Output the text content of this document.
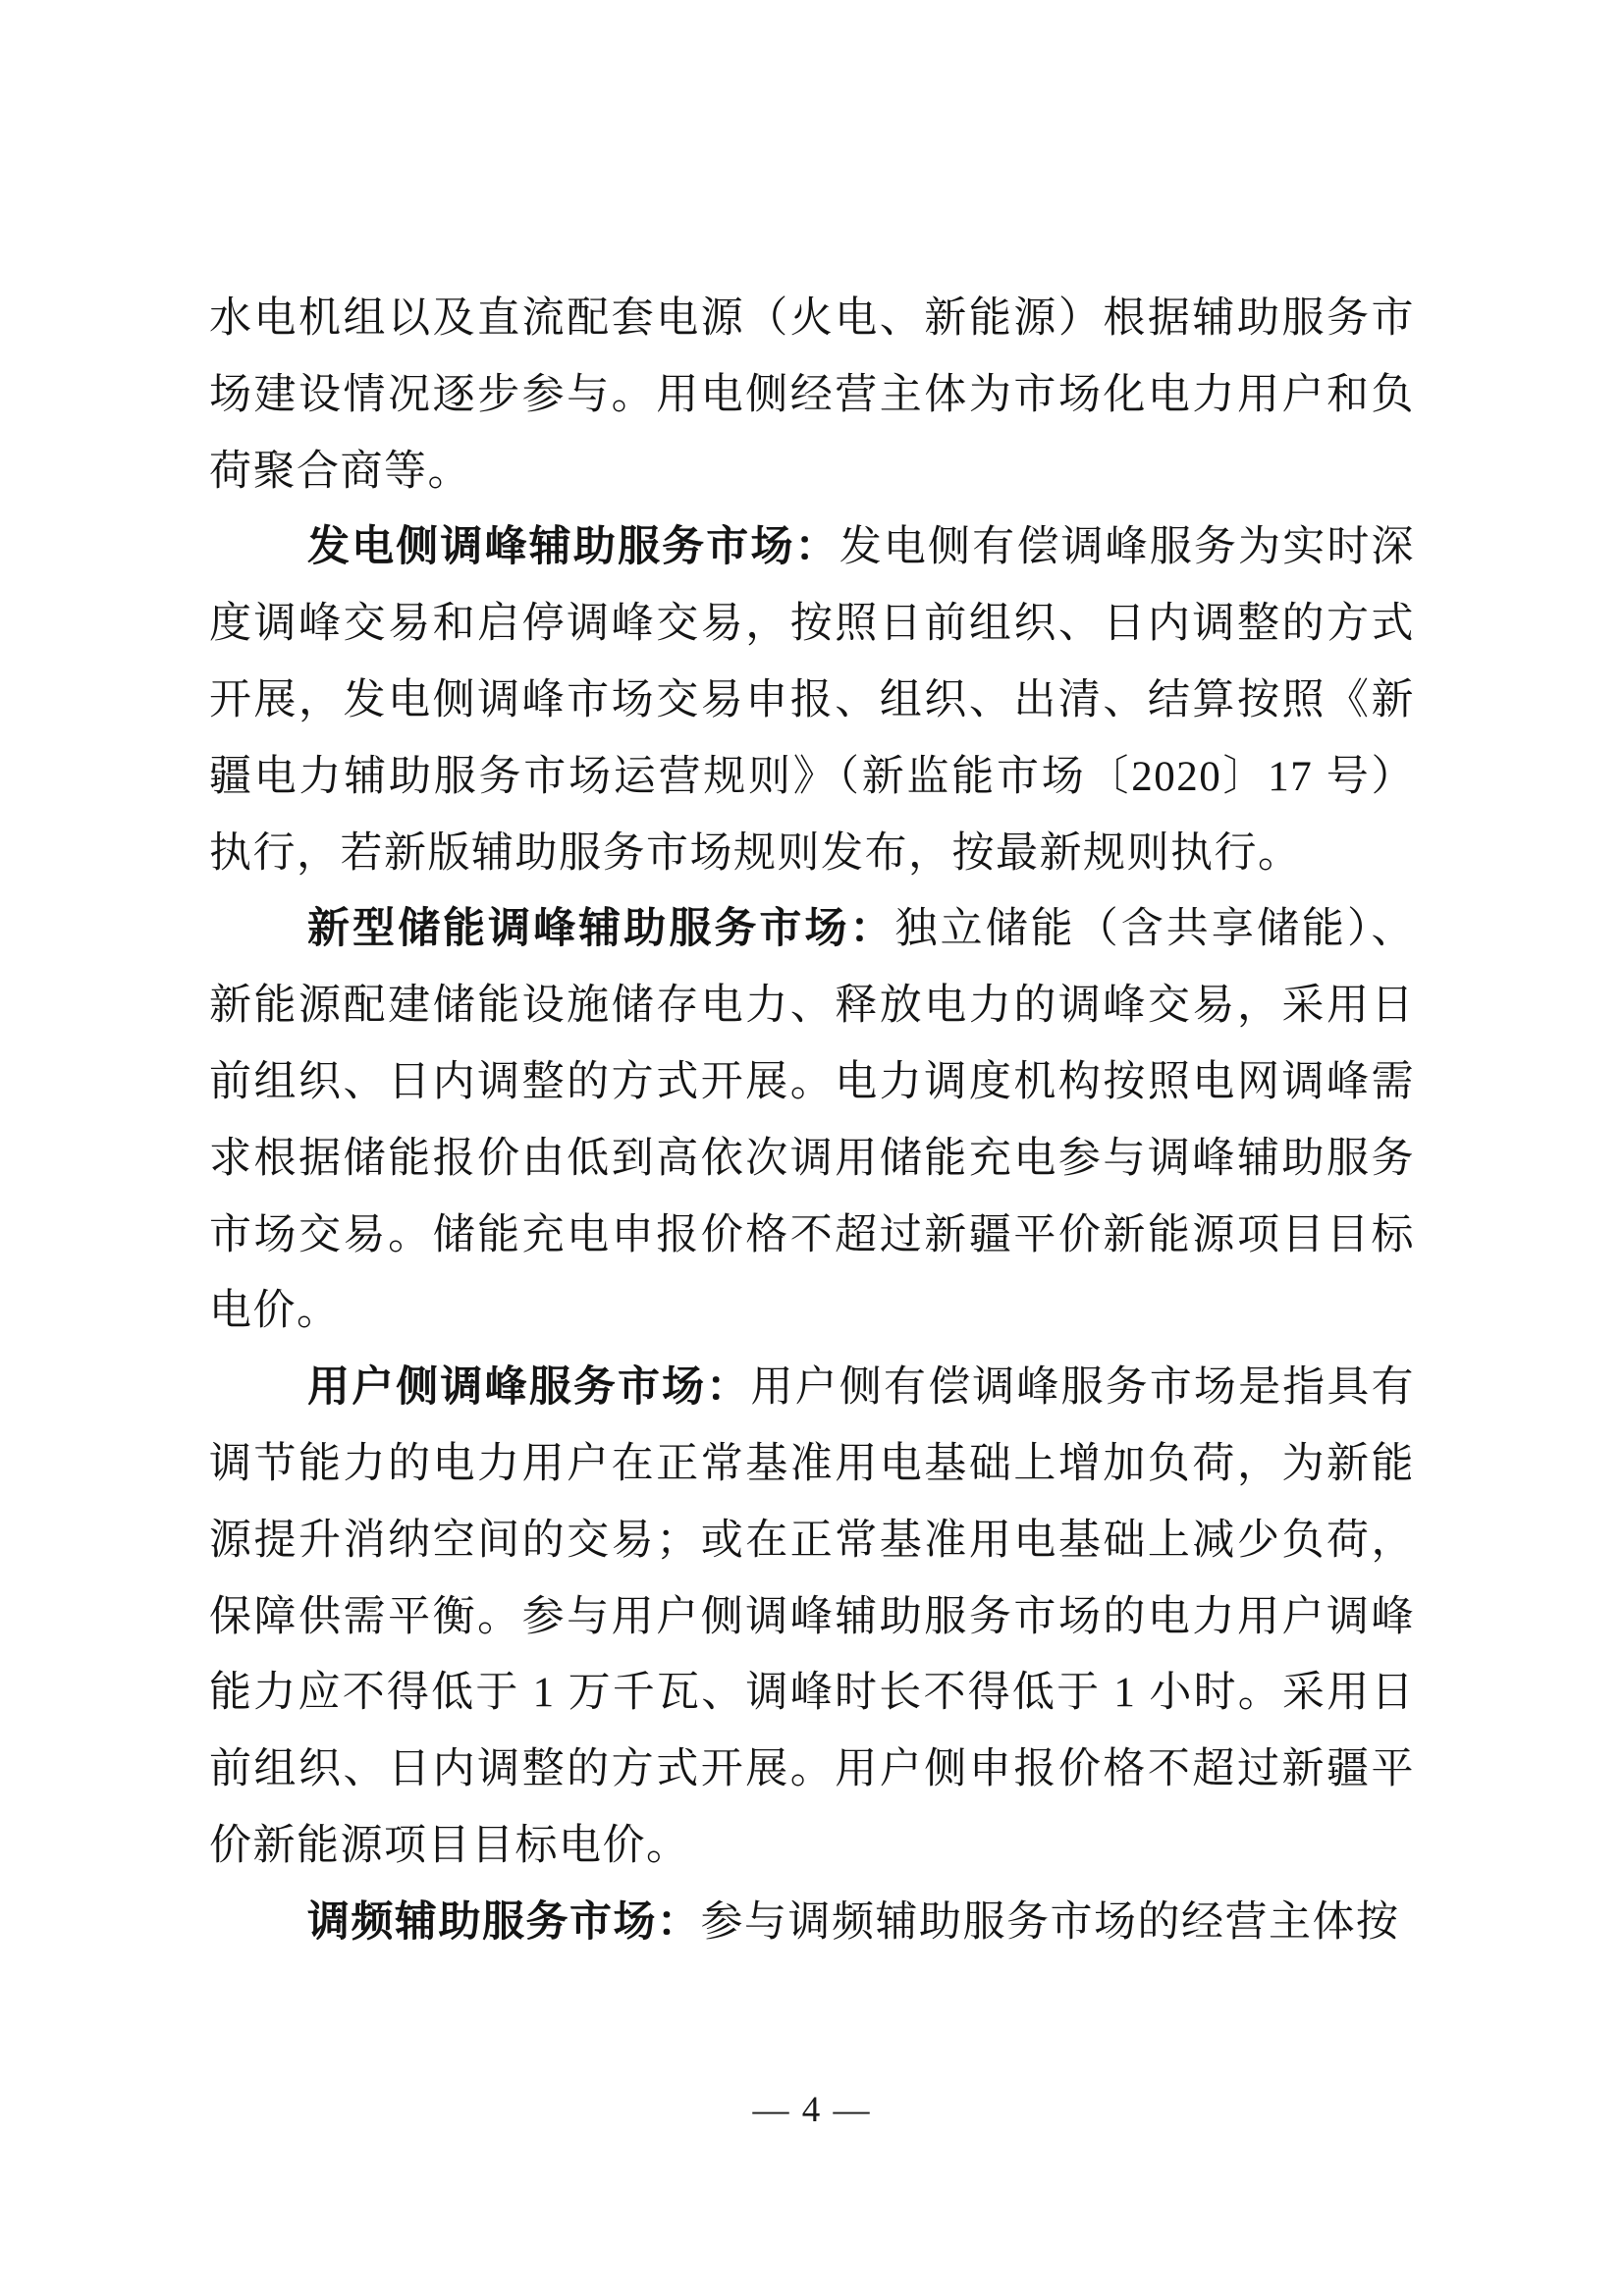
水电机组以及直流配套电源（火电、新能源）根据辅助服务市场建设情况逐步参与。用电侧经营主体为市场化电力用户和负荷聚合商等。

发电侧调峰辅助服务市场：发电侧有偿调峰服务为实时深度调峰交易和启停调峰交易，按照日前组织、日内调整的方式开展，发电侧调峰市场交易申报、组织、出清、结算按照《新疆电力辅助服务市场运营规则》（新监能市场〔2020〕17 号）执行，若新版辅助服务市场规则发布，按最新规则执行。

新型储能调峰辅助服务市场：独立储能（含共享储能）、新能源配建储能设施储存电力、释放电力的调峰交易，采用日前组织、日内调整的方式开展。电力调度机构按照电网调峰需求根据储能报价由低到高依次调用储能充电参与调峰辅助服务市场交易。储能充电申报价格不超过新疆平价新能源项目目标电价。

用户侧调峰服务市场：用户侧有偿调峰服务市场是指具有调节能力的电力用户在正常基准用电基础上增加负荷，为新能源提升消纳空间的交易；或在正常基准用电基础上减少负荷，保障供需平衡。参与用户侧调峰辅助服务市场的电力用户调峰能力应不得低于 1 万千瓦、调峰时长不得低于 1 小时。采用日前组织、日内调整的方式开展。用户侧申报价格不超过新疆平价新能源项目目标电价。

调频辅助服务市场：参与调频辅助服务市场的经营主体按

— 4 —
